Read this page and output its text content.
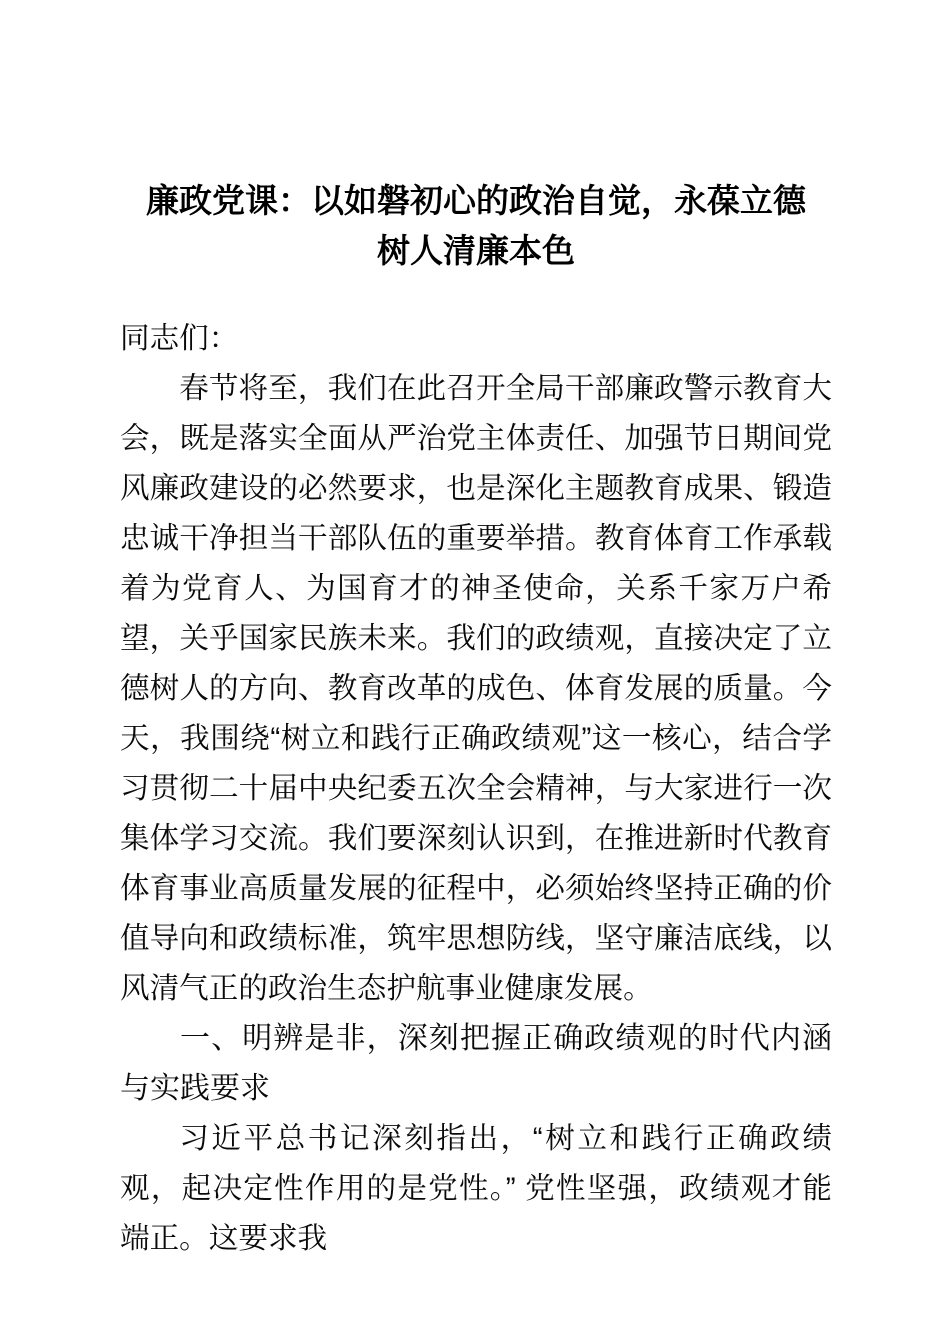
廉政党课：以如磐初心的政治自觉，永葆立德
树人清廉本色

同志们：

春节将至，我们在此召开全局干部廉政警示教育大会，既是落实全面从严治党主体责任、加强节日期间党风廉政建设的必然要求，也是深化主题教育成果、锻造忠诚干净担当干部队伍的重要举措。教育体育工作承载着为党育人、为国育才的神圣使命，关系千家万户希望，关乎国家民族未来。我们的政绩观，直接决定了立德树人的方向、教育改革的成色、体育发展的质量。今天，我围绕“树立和践行正确政绩观”这一核心，结合学习贯彻二十届中央纪委五次全会精神，与大家进行一次集体学习交流。我们要深刻认识到，在推进新时代教育体育事业高质量发展的征程中，必须始终坚持正确的价值导向和政绩标准，筑牢思想防线，坚守廉洁底线，以风清气正的政治生态护航事业健康发展。

一、明辨是非，深刻把握正确政绩观的时代内涵与实践要求

习近平总书记深刻指出，“树立和践行正确政绩观，起决定性作用的是党性。” 党性坚强，政绩观才能端正。这要求我
